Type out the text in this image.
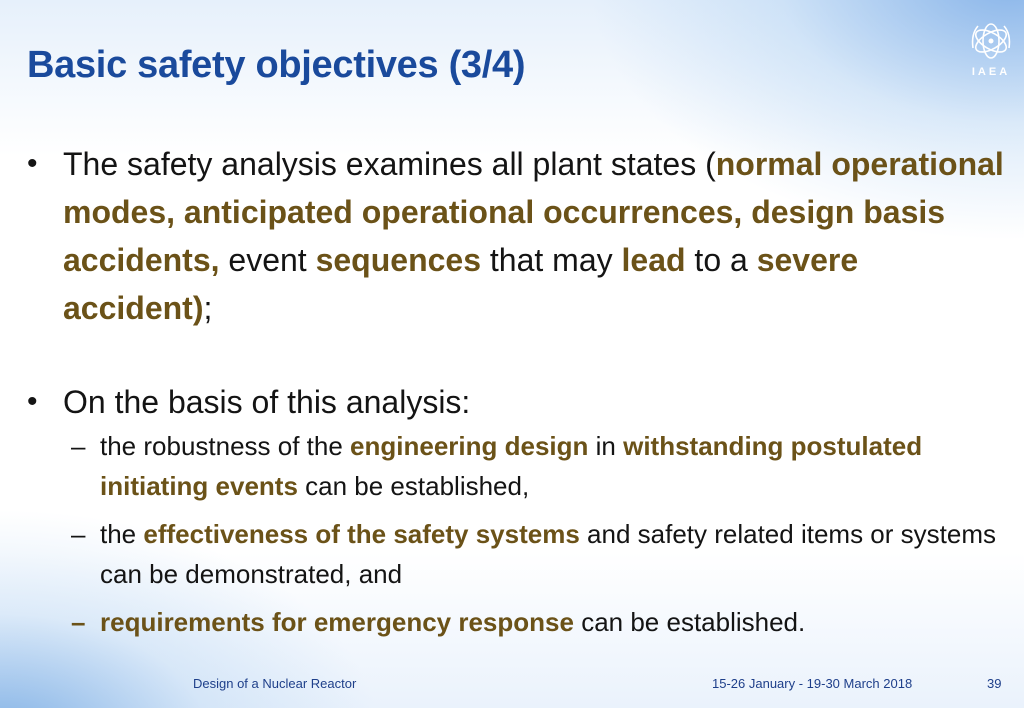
IAEA
Basic safety objectives (3/4)
• The safety analysis examines all plant states (normal operational modes, anticipated operational occurrences, design basis accidents, event sequences that may lead to a severe accident);
• On the basis of this analysis:
– the robustness of the engineering design in withstanding postulated initiating events can be established,
– the effectiveness of the safety systems and safety related items or systems can be demonstrated, and
– requirements for emergency response can be established.
Design of a Nuclear Reactor	15-26 January - 19-30 March 2018	39
